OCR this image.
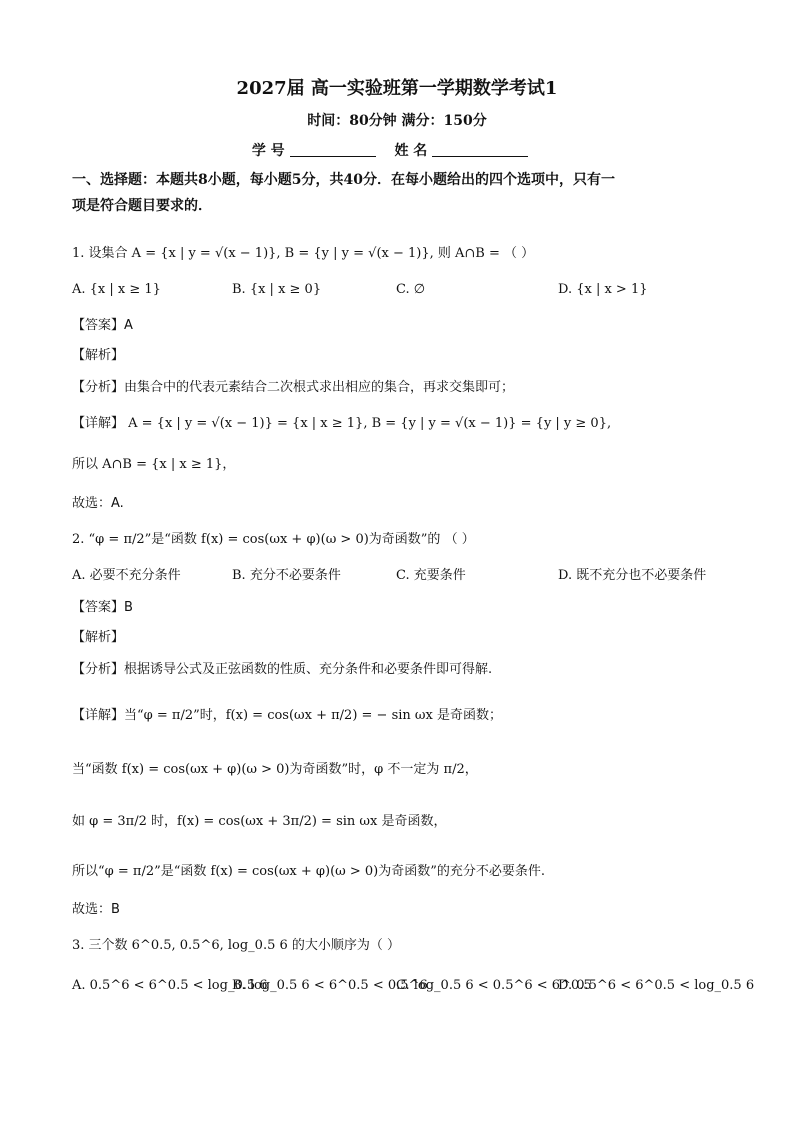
2027届 高一实验班第一学期数学考试1
时间：80分钟 满分：150分
学 号	姓 名
一、选择题：本题共8小题，每小题5分，共40分．在每小题给出的四个选项中，只有一
项是符合题目要求的．
1. 设集合 A = {x | y = √(x − 1)}, B = {y | y = √(x − 1)}, 则 A∩B = （ ）
A. {x | x ≥ 1}	B. {x | x ≥ 0}	C. ∅	D. {x | x > 1}
【答案】A
【解析】
【分析】由集合中的代表元素结合二次根式求出相应的集合，再求交集即可；
【详解】 A = {x | y = √(x − 1)} = {x | x ≥ 1}, B = {y | y = √(x − 1)} = {y | y ≥ 0},
所以 A∩B = {x | x ≥ 1}，
故选：A.
2. “φ = π/2”是“函数 f(x) = cos(ωx + φ)(ω > 0)为奇函数”的 （ ）
A. 必要不充分条件	B. 充分不必要条件	C. 充要条件	D. 既不充分也不必要条件
【答案】B
【解析】
【分析】根据诱导公式及正弦函数的性质、充分条件和必要条件即可得解.
【详解】当“φ = π/2”时，f(x) = cos(ωx + π/2) = − sin ωx 是奇函数；
当“函数 f(x) = cos(ωx + φ)(ω > 0)为奇函数”时，φ 不一定为 π/2，
如 φ = 3π/2 时，f(x) = cos(ωx + 3π/2) = sin ωx 是奇函数，
所以“φ = π/2”是“函数 f(x) = cos(ωx + φ)(ω > 0)为奇函数”的充分不必要条件.
故选：B
3. 三个数 6^0.5, 0.5^6, log_0.5 6 的大小顺序为（ ）
A. 0.5^6 < 6^0.5 < log_0.5 6
B. log_0.5 6 < 6^0.5 < 0.5^6
C. log_0.5 6 < 0.5^6 < 6^0.5
D. 0.5^6 < 6^0.5 < log_0.5 6
